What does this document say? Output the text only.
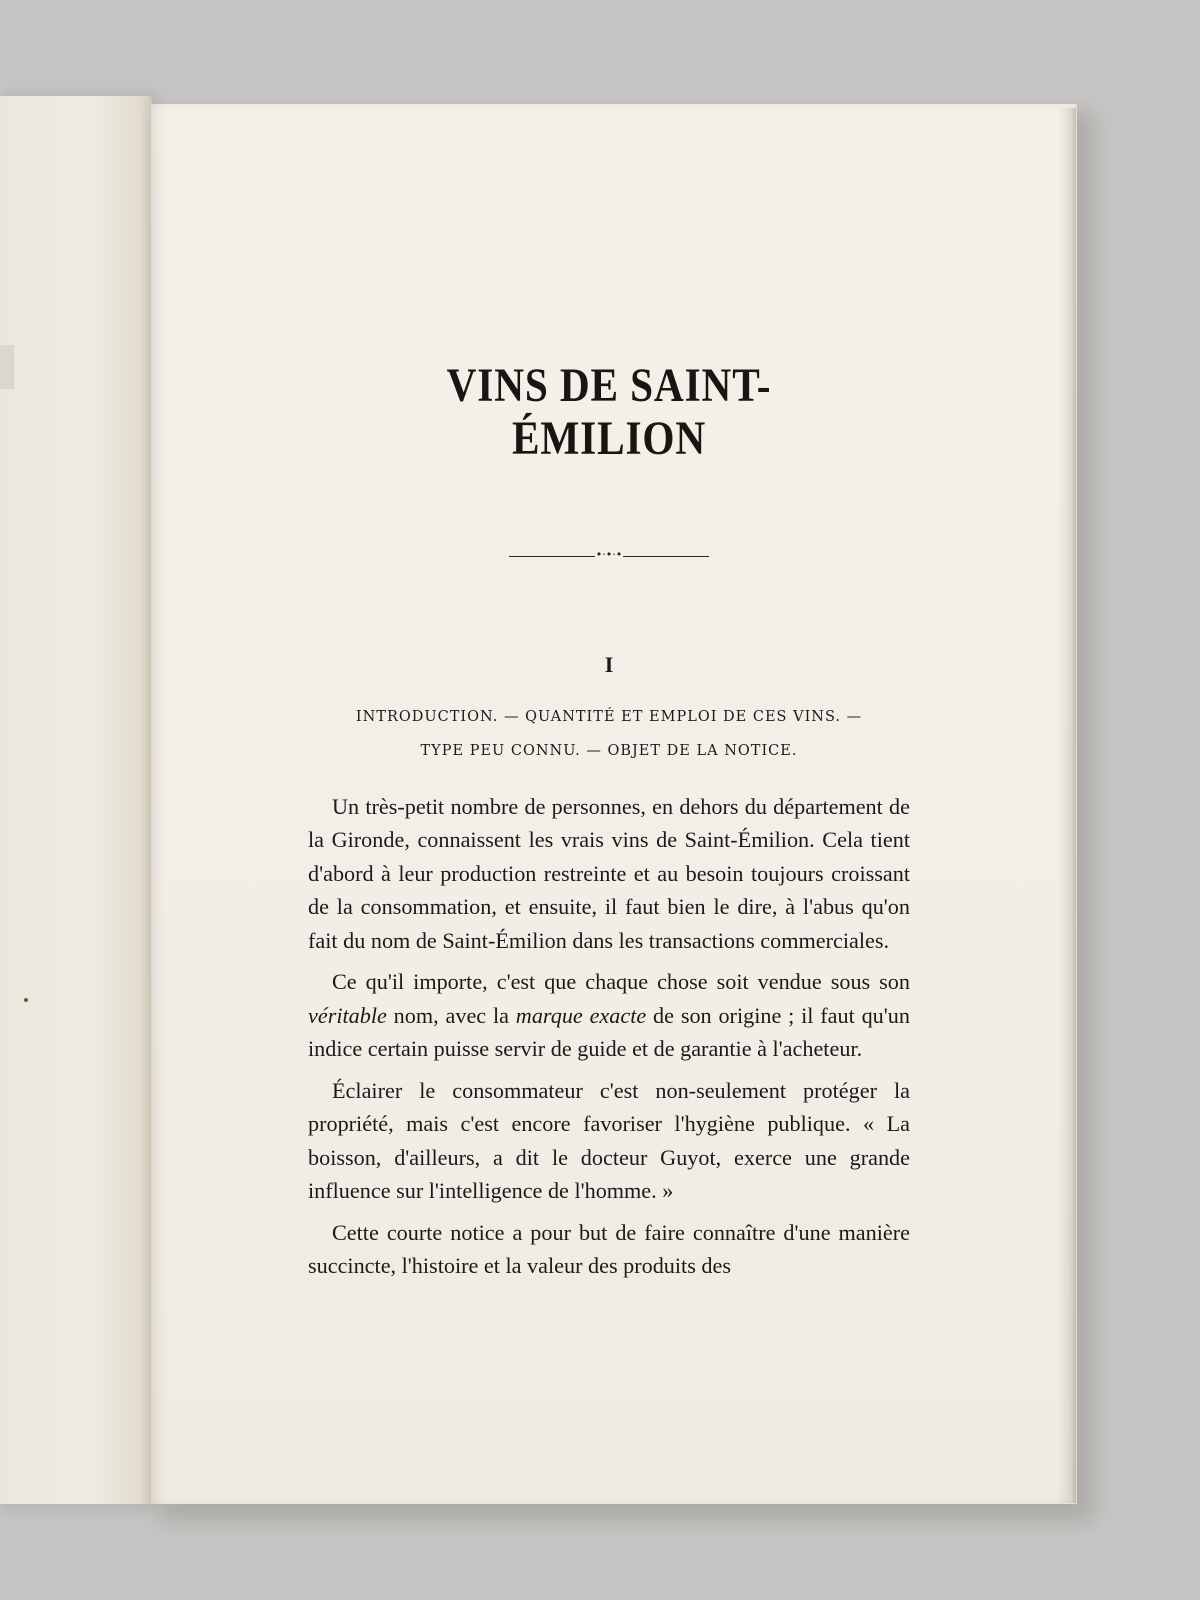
VINS DE SAINT-ÉMILION
•·•·•
I
INTRODUCTION. — QUANTITÉ ET EMPLOI DE CES VINS. —
TYPE PEU CONNU. — OBJET DE LA NOTICE.

Un très-petit nombre de personnes, en dehors du département de la Gironde, connaissent les vrais vins de Saint-Émilion. Cela tient d'abord à leur production restreinte et au besoin toujours croissant de la consommation, et ensuite, il faut bien le dire, à l'abus qu'on fait du nom de Saint-Émilion dans les transactions commerciales.

Ce qu'il importe, c'est que chaque chose soit vendue sous son véritable nom, avec la marque exacte de son origine ; il faut qu'un indice certain puisse servir de guide et de garantie à l'acheteur.

Éclairer le consommateur c'est non-seulement protéger la propriété, mais c'est encore favoriser l'hygiène publique. « La boisson, d'ailleurs, a dit le docteur Guyot, exerce une grande influence sur l'intelligence de l'homme. »

Cette courte notice a pour but de faire connaître d'une manière succincte, l'histoire et la valeur des produits des
